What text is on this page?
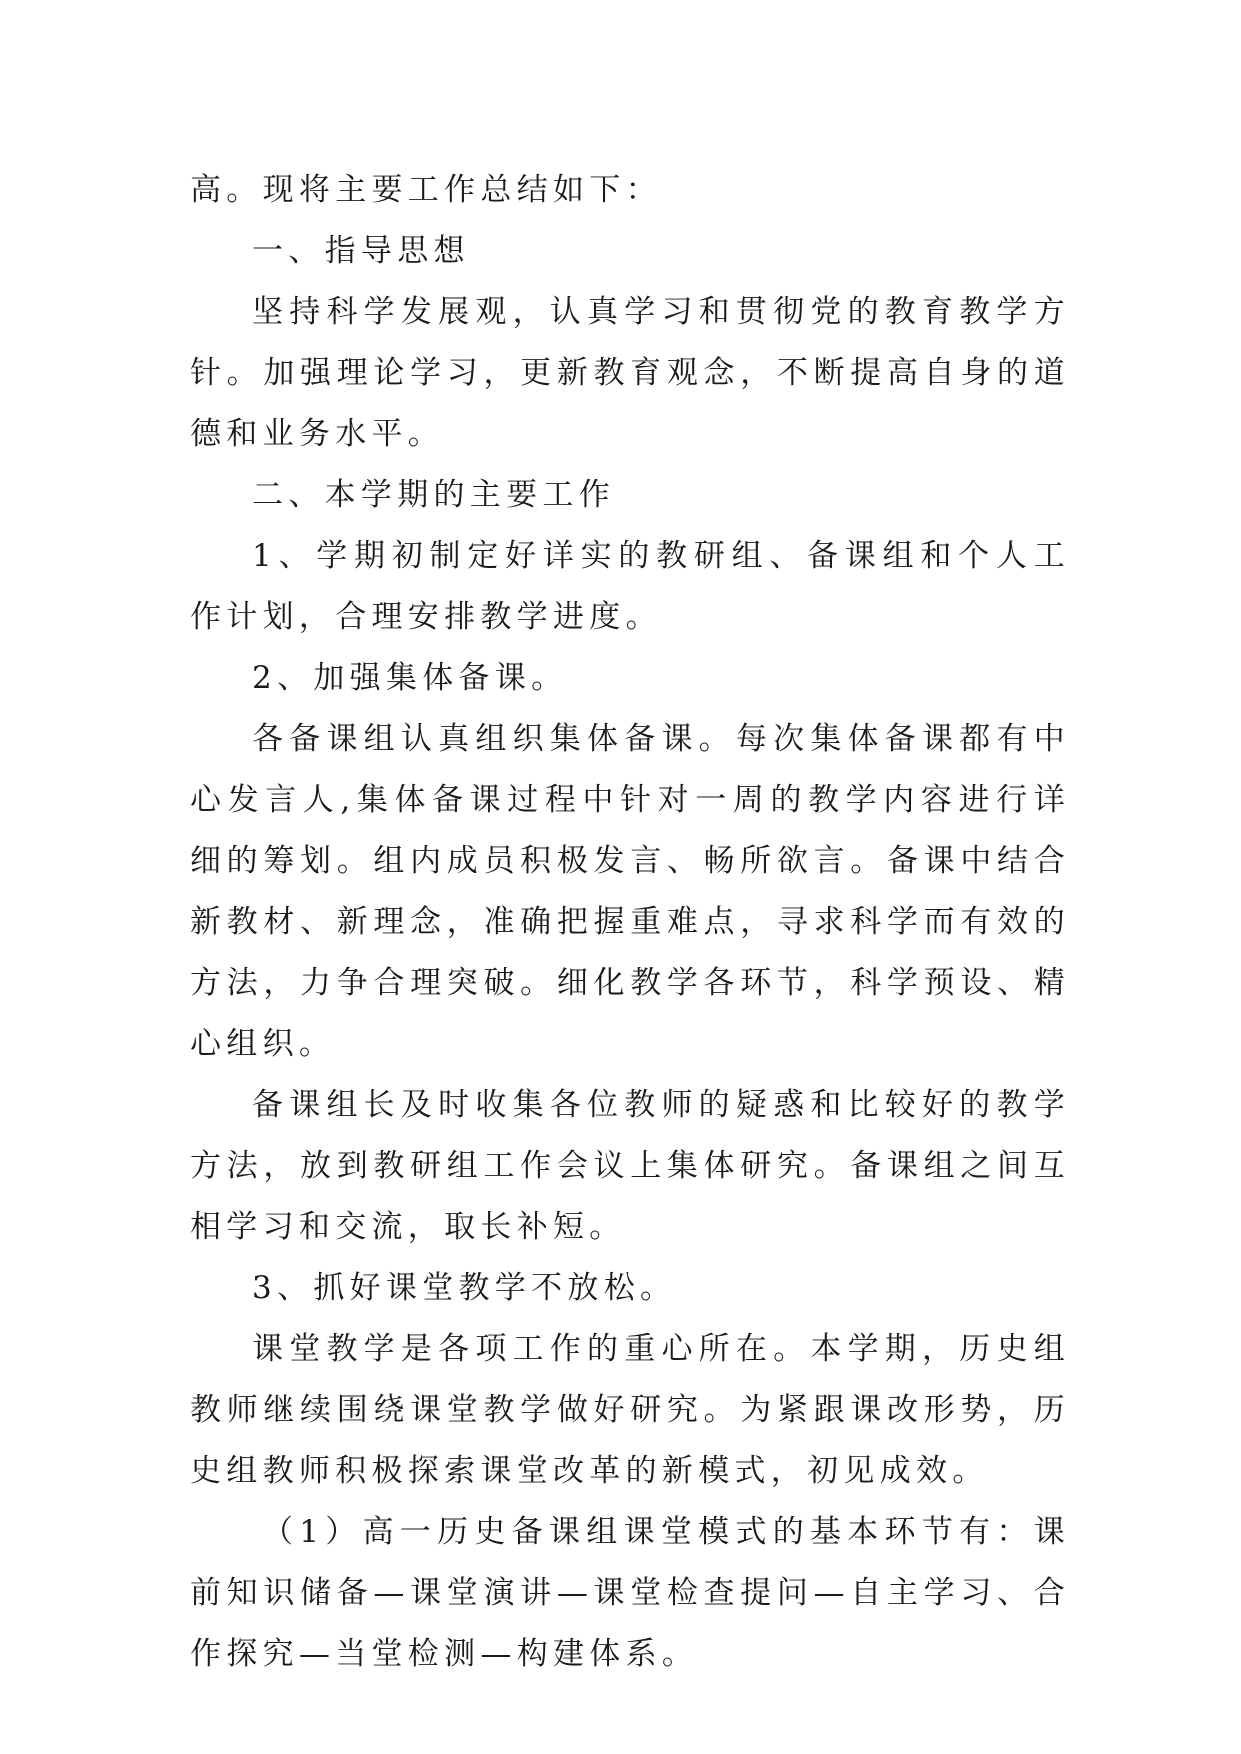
高。现将主要工作总结如下：

一、指导思想

坚持科学发展观，认真学习和贯彻党的教育教学方针。加强理论学习，更新教育观念，不断提高自身的道德和业务水平。

二、本学期的主要工作

1、学期初制定好详实的教研组、备课组和个人工作计划，合理安排教学进度。

2、加强集体备课。

各备课组认真组织集体备课。每次集体备课都有中心发言人,集体备课过程中针对一周的教学内容进行详细的筹划。组内成员积极发言、畅所欲言。备课中结合新教材、新理念，准确把握重难点，寻求科学而有效的方法，力争合理突破。细化教学各环节，科学预设、精心组织。

备课组长及时收集各位教师的疑惑和比较好的教学方法，放到教研组工作会议上集体研究。备课组之间互相学习和交流，取长补短。

3、抓好课堂教学不放松。

课堂教学是各项工作的重心所在。本学期，历史组教师继续围绕课堂教学做好研究。为紧跟课改形势，历史组教师积极探索课堂改革的新模式，初见成效。

（1）高一历史备课组课堂模式的基本环节有：课前知识储备—课堂演讲—课堂检查提问—自主学习、合作探究—当堂检测—构建体系。
